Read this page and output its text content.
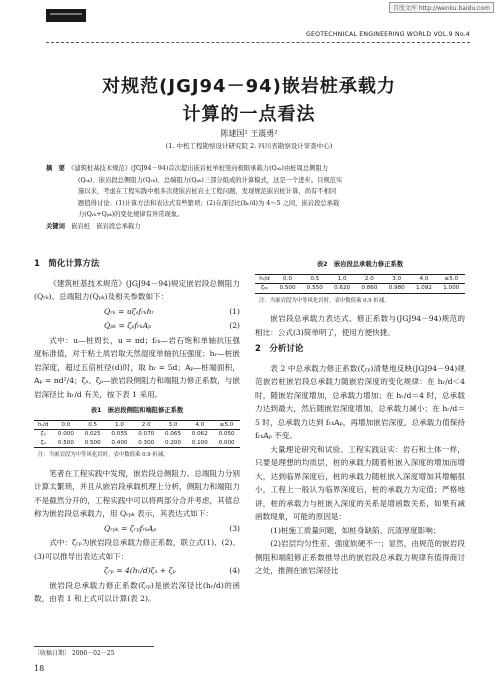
百度文库 http://wenku.baidu.com
GEOTECHNICAL ENGINEERING WORLD VOL.9 No.4
对规范(JGJ94－94)嵌岩桩承载力
计算的一点看法
陈建国¹ 王震勇²
(1. 中机工程勘察设计研究院 2. 四川省勘察设计审查中心)
摘　要　 《建筑桩基技术规范》(JGJ94－94)首次提出嵌岩桩单桩竖向极限承载力(Qᵤₖ)由桩周总侧阻力
(Qₛₖ)、嵌岩段总侧阻力(Qᵣₖ)、总端阻力(Qₚₖ)三部分组成的计算模式，这是一个进步。目规范实
施以来，考虑在工程实践中根多次使嵌岩桩岩土工程问题，发现规范嵌岩桩计算，尚有不相同
题值得讨论：(1)计算方法和表达式有些繁琐；(2)在深径比(hᵣ/d)为 4～5 之间，嵌岩段总承载
力(Qᵣₖ+Qₚₖ)的变化规律有异常现象。
关键词　 嵌岩桩　嵌岩段总承载力
1　简化计算方法

《建筑桩基技术规范》(JGJ94－94)规定嵌岩段总侧阻力(Qᵣₖ)、总端阻力(Qₚₖ)及相关参数如下：

Qᵣₖ = uζₛfᵣₖhᵣ	(1)
Qₚₖ = ζₚfᵣₖAₚ	(2)

式中：u—桩周长，u = πd；fᵣₖ—岩石饱和单轴抗压强度标准值，对于粘土质岩取天然湿度单轴抗压强度；hᵣ—桩嵌岩深度，超过五倍桩径(d)时，取 hᵣ = 5d；Aₚ—桩端面积，Aₚ = πd²/4；ζₛ、ζₚ—嵌岩段侧阻力和端阻力修正系数，与嵌岩深径比 hᵣ/d 有关，按下表 1 采用。

表1　嵌岩段侧阻和端阻修正系数
hᵣ/d	0.0	0.5	1.0	2.0	3.0	4.0	≥5.0
ζₛ	0.000	0.025	0.055	0.070	0.065	0.062	0.050
ζₚ	0.500	0.500	0.400	0.300	0.200	0.100	0.000
注：当嵌岩段为中等风化岩时，表中数值乘 0.9 折减。

笔者在工程实践中发现，嵌岩段总侧阻力、总端阻力分别计算太繁琐，并且从嵌岩段承载机理上分析，侧阻力和端阻力不是截然分开的，工程实践中可以将两部分合并考虑，其值总称为嵌岩段总承载力，用 Qᵣₚₖ 表示，其表达式如下：

Qᵣₚₖ = ζᵣₚfᵣₖAₚ	(3)

式中：ζᵣₚ为嵌岩段总承载力修正系数，联立式(1)、(2)、(3)可以推导出表达式如下：

ζᵣₚ = 4(hᵣ/d)ζₛ + ζₚ	(4)

嵌岩段总承载力修正系数(ζᵣₚ)是嵌岩深径比(hᵣ/d)的函数，由表 1 和上式可以计算(表 2)。

表2　嵌岩段总承载力修正系数
hᵣ/d	0.0	0.5	1.0	2.0	3.0	4.0	≥5.0
ζᵣₚ	0.500	0.550	0.620	0.860	0.980	1.092	1.000
注：当嵌岩段为中等风化岩时，表中数值乘 0.9 折减。

嵌岩段总承载力表达式、修正系数与(JGJ94－94)规范的相比：公式(3)简单明了，使用方便快捷。

2　分析讨论

表 2 中总承载力修正系数(ζᵣₚ)清楚地反映(JGJ94－94)规范嵌岩桩嵌岩段总承载力随嵌岩深度的变化规律：在 hᵣ/d＜4 时，随嵌岩深度增加，总承载力增加；在 hᵣ/d＝4 时，总承载力达到最大，然后随嵌岩深度增加，总承载力减小；在 hᵣ/d＝5 时，总承载力达到 fᵣₖAₚ，再增加嵌岩深度，总承载力值保持 fᵣₖAₚ 不变。

大量理论研究和试验、工程实践证实：岩石和土体一样，只要是理想的均质层，桩的承载力随着桩嵌入深度的增加而增大，达到临界深度后，桩的承载力随桩嵌入深度增加其增幅很小，工程上一般认为临界深度后，桩的承载力为定值；严格地讲，桩的承载力与桩嵌入深度的关系是增函数关系，如果有减函数现象，可能的原因是：

(1)桩施工质量问题，如桩身缺陷、沉渣厚度影响；

(2)岩层均匀性差、强度软硬不一；显然，由规范的嵌岩段侧阻和端阻修正系数推导出的嵌岩段总承载力规律有值得商讨之处，推测在嵌岩深径比

〔收稿日期〕 2006－02－25
18
